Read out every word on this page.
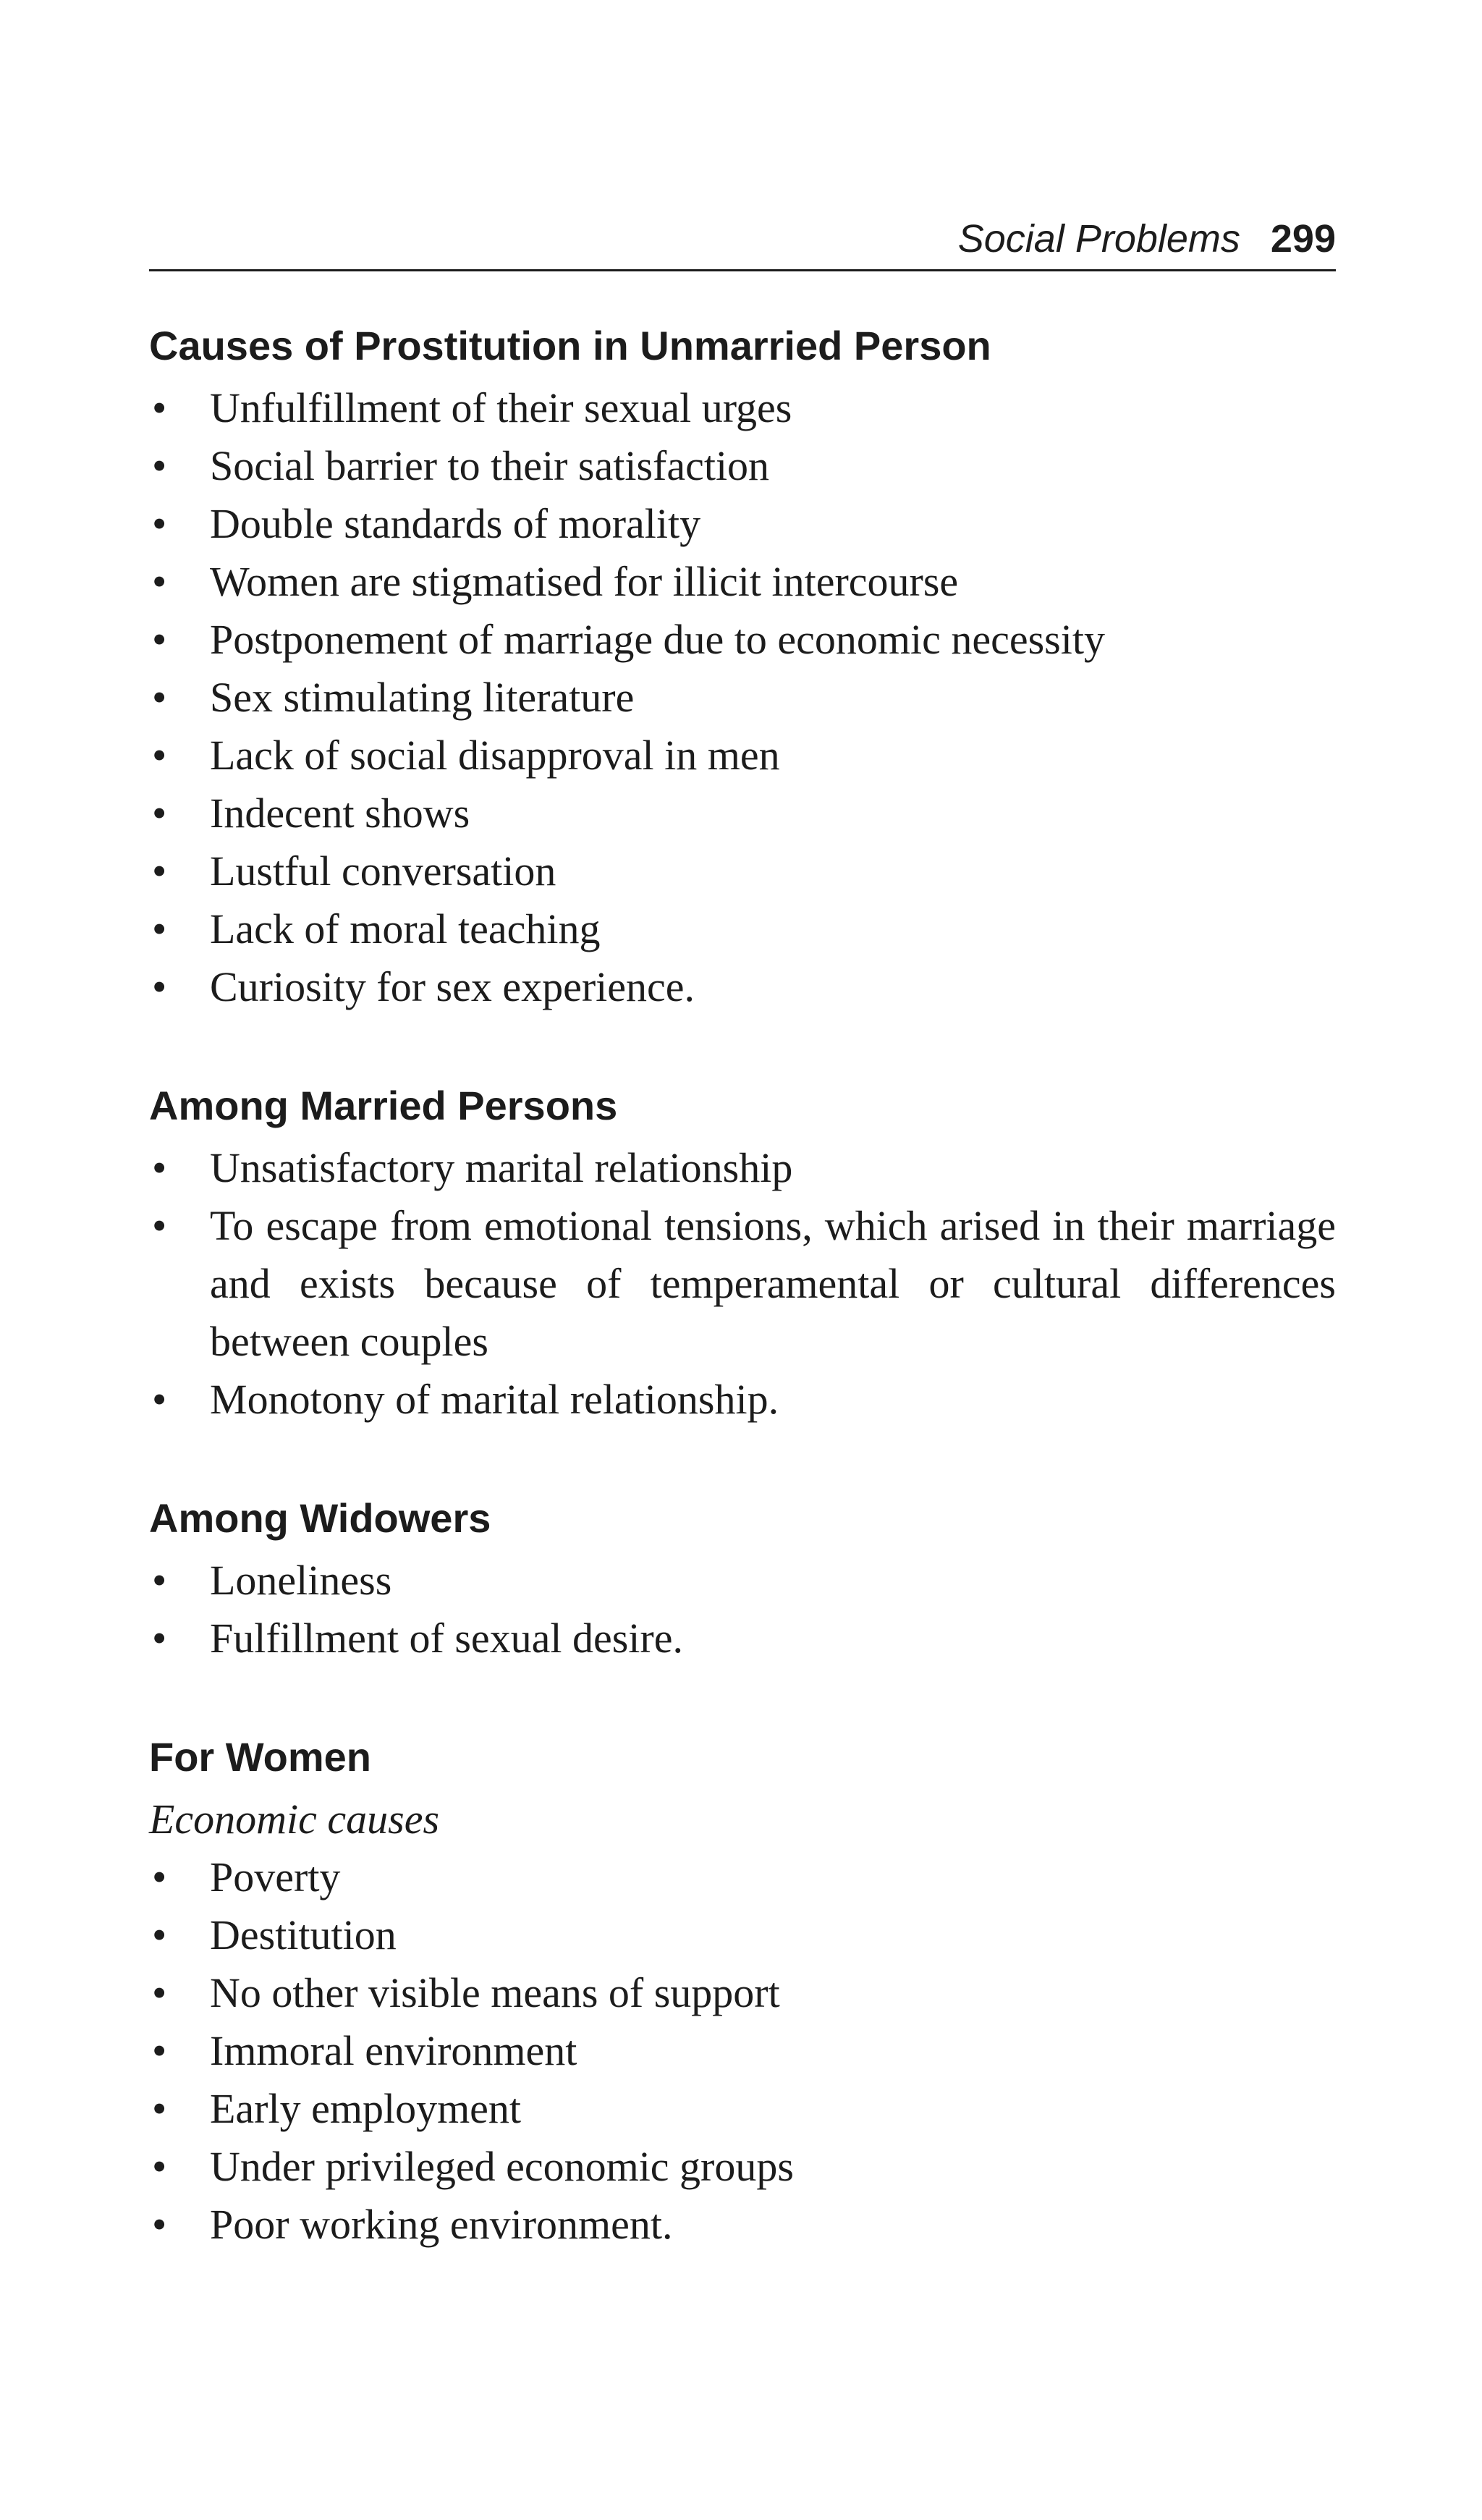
Social Problems 299
Causes of Prostitution in Unmarried Person
• Unfulfillment of their sexual urges
• Social barrier to their satisfaction
• Double standards of morality
• Women are stigmatised for illicit intercourse
• Postponement of marriage due to economic necessity
• Sex stimulating literature
• Lack of social disapproval in men
• Indecent shows
• Lustful conversation
• Lack of moral teaching
• Curiosity for sex experience.
Among Married Persons
• Unsatisfactory marital relationship
• To escape from emotional tensions, which arised in their marriage and exists because of temperamental or cultural differences between couples
• Monotony of marital relationship.
Among Widowers
• Loneliness
• Fulfillment of sexual desire.
For Women
Economic causes
• Poverty
• Destitution
• No other visible means of support
• Immoral environment
• Early employment
• Under privileged economic groups
• Poor working environment.
